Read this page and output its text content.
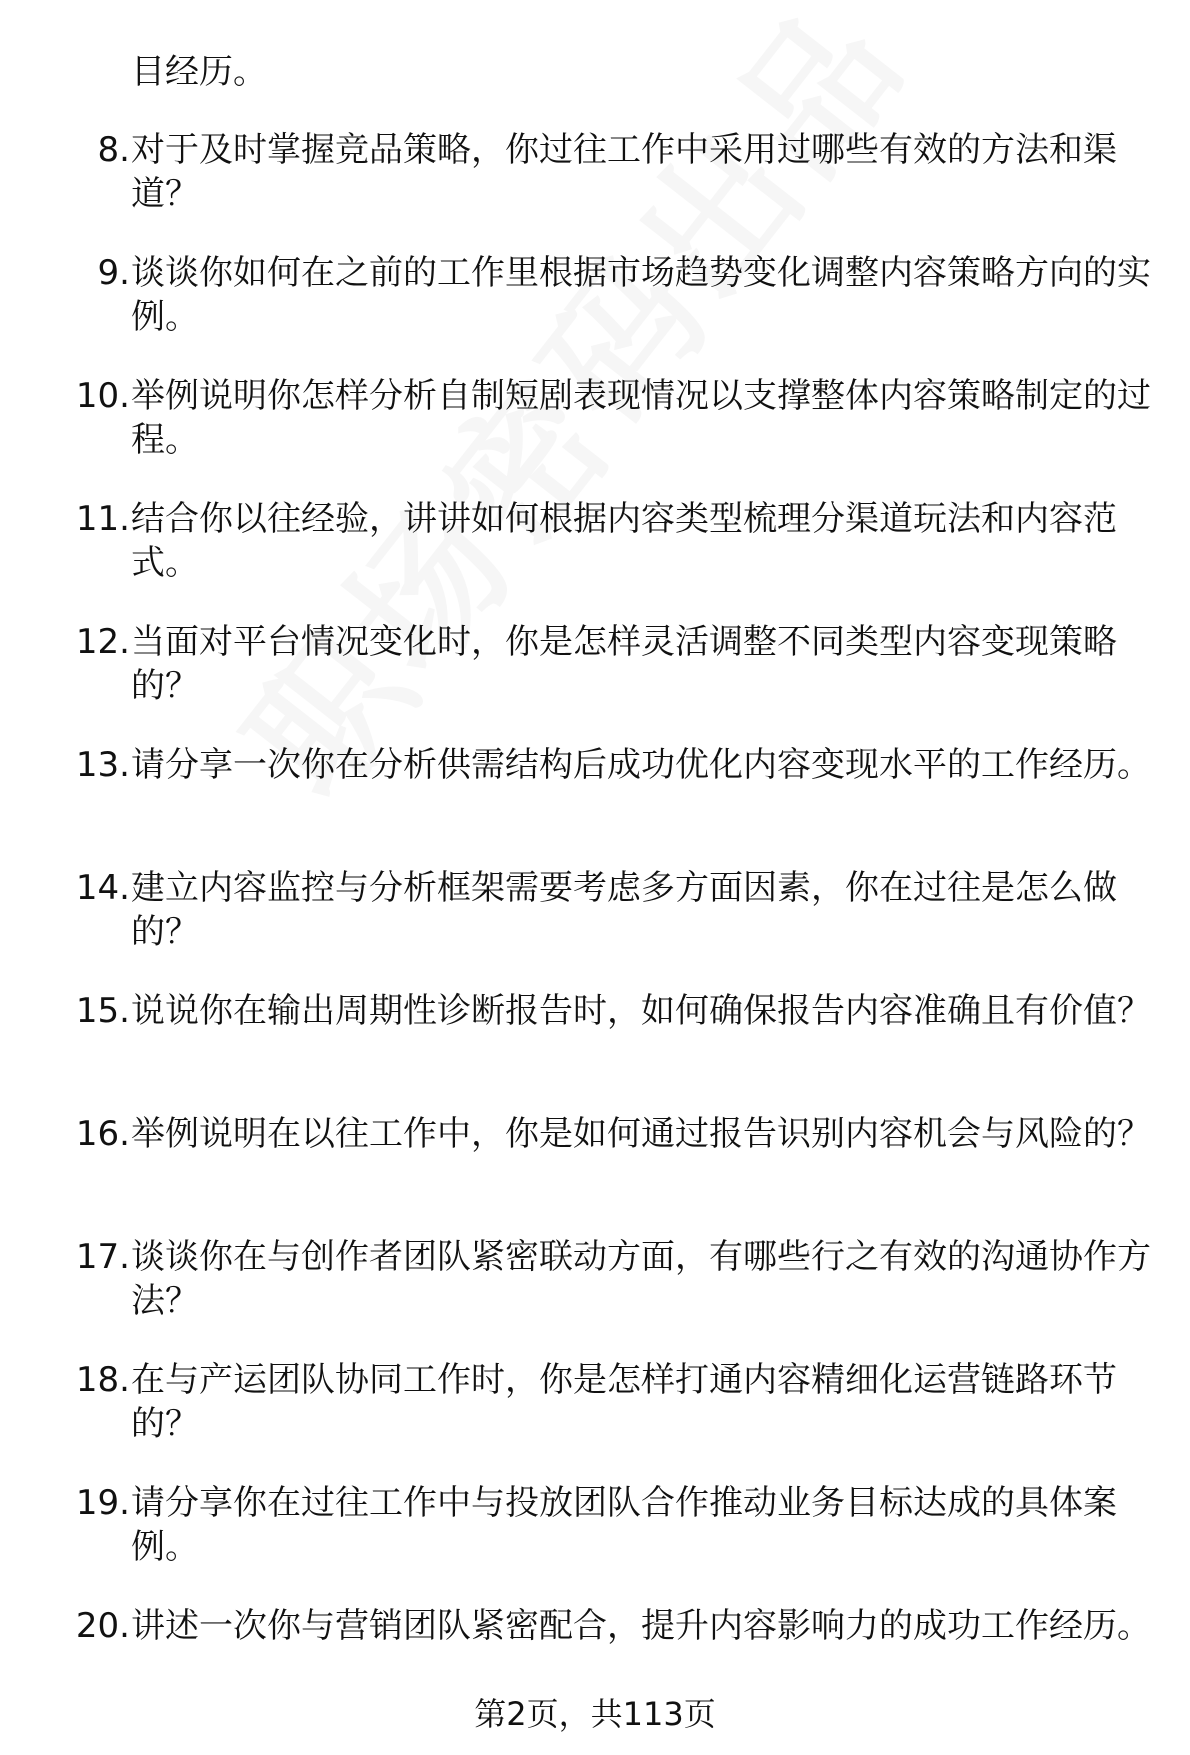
目经历。

8. 对于及时掌握竞品策略，你过往工作中采用过哪些有效的方法和渠道？
9. 谈谈你如何在之前的工作里根据市场趋势变化调整内容策略方向的实例。
10. 举例说明你怎样分析自制短剧表现情况以支撑整体内容策略制定的过程。
11. 结合你以往经验，讲讲如何根据内容类型梳理分渠道玩法和内容范式。
12. 当面对平台情况变化时，你是怎样灵活调整不同类型内容变现策略的？
13. 请分享一次你在分析供需结构后成功优化内容变现水平的工作经历。
14. 建立内容监控与分析框架需要考虑多方面因素，你在过往是怎么做的？
15. 说说你在输出周期性诊断报告时，如何确保报告内容准确且有价值？
16. 举例说明在以往工作中，你是如何通过报告识别内容机会与风险的？
17. 谈谈你在与创作者团队紧密联动方面，有哪些行之有效的沟通协作方法？
18. 在与产运团队协同工作时，你是怎样打通内容精细化运营链路环节的？
19. 请分享你在过往工作中与投放团队合作推动业务目标达成的具体案例。
20. 讲述一次你与营销团队紧密配合，提升内容影响力的成功工作经历。
第2页，共113页
